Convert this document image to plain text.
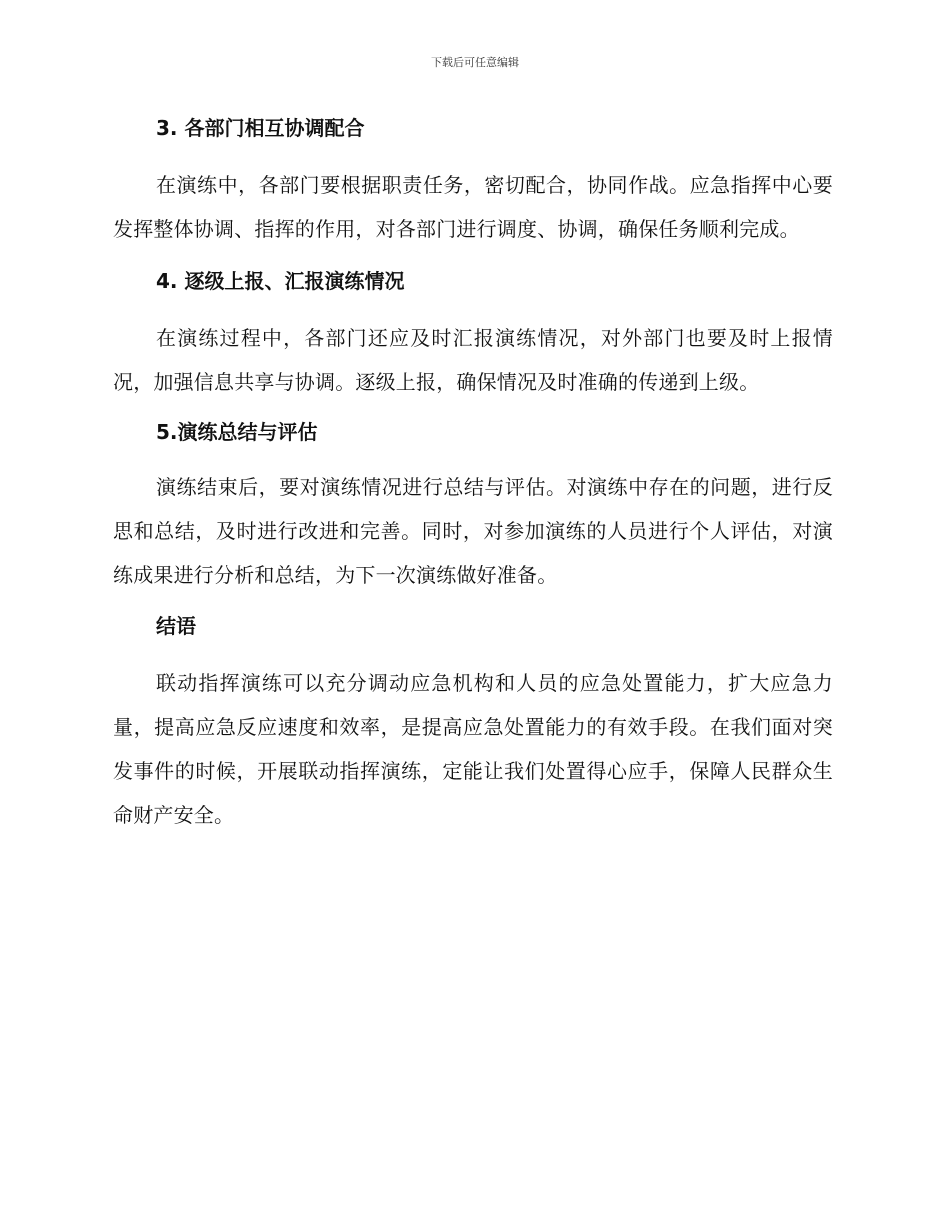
下载后可任意编辑
3. 各部门相互协调配合

在演练中，各部门要根据职责任务，密切配合，协同作战。应急指挥中心要发挥整体协调、指挥的作用，对各部门进行调度、协调，确保任务顺利完成。

4. 逐级上报、汇报演练情况

在演练过程中，各部门还应及时汇报演练情况，对外部门也要及时上报情况，加强信息共享与协调。逐级上报，确保情况及时准确的传递到上级。

5.演练总结与评估

演练结束后，要对演练情况进行总结与评估。对演练中存在的问题，进行反思和总结，及时进行改进和完善。同时，对参加演练的人员进行个人评估，对演练成果进行分析和总结，为下一次演练做好准备。

结语

联动指挥演练可以充分调动应急机构和人员的应急处置能力，扩大应急力量，提高应急反应速度和效率，是提高应急处置能力的有效手段。在我们面对突发事件的时候，开展联动指挥演练，定能让我们处置得心应手，保障人民群众生命财产安全。
